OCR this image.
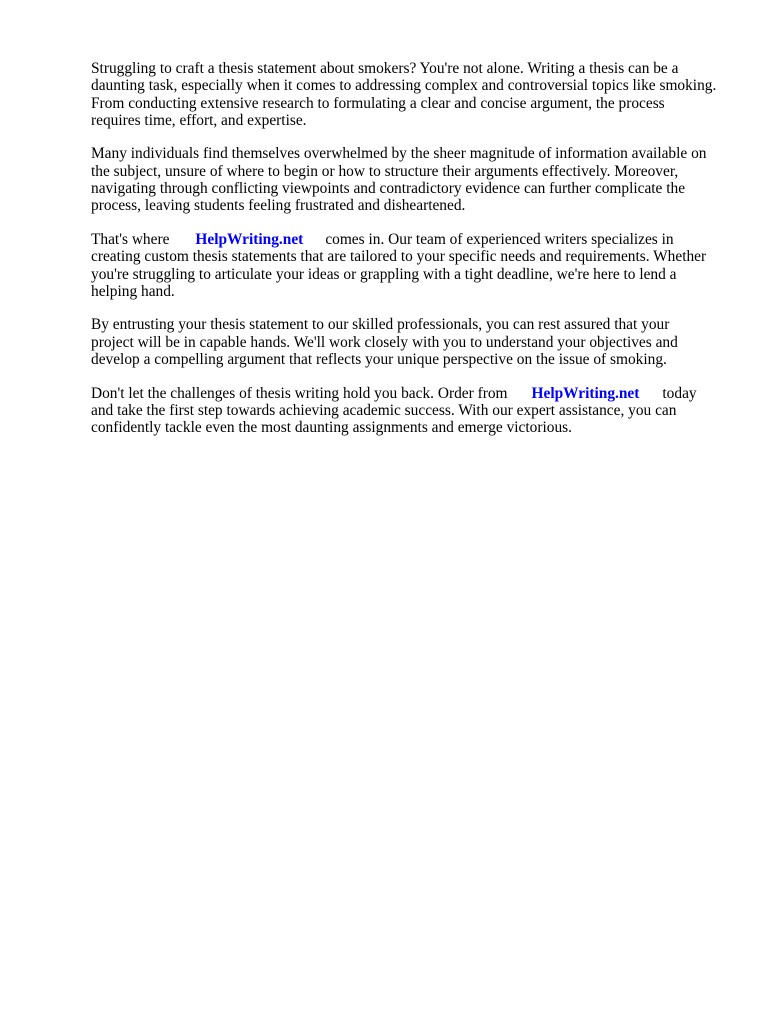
Struggling to craft a thesis statement about smokers? You're not alone. Writing a thesis can be a
daunting task, especially when it comes to addressing complex and controversial topics like smoking.
From conducting extensive research to formulating a clear and concise argument, the process
requires time, effort, and expertise.

Many individuals find themselves overwhelmed by the sheer magnitude of information available on
the subject, unsure of where to begin or how to structure their arguments effectively. Moreover,
navigating through conflicting viewpoints and contradictory evidence can further complicate the
process, leaving students feeling frustrated and disheartened.

That's where HelpWriting.net comes in. Our team of experienced writers specializes in
creating custom thesis statements that are tailored to your specific needs and requirements. Whether
you're struggling to articulate your ideas or grappling with a tight deadline, we're here to lend a
helping hand.

By entrusting your thesis statement to our skilled professionals, you can rest assured that your
project will be in capable hands. We'll work closely with you to understand your objectives and
develop a compelling argument that reflects your unique perspective on the issue of smoking.

Don't let the challenges of thesis writing hold you back. Order from HelpWriting.net today
and take the first step towards achieving academic success. With our expert assistance, you can
confidently tackle even the most daunting assignments and emerge victorious.
